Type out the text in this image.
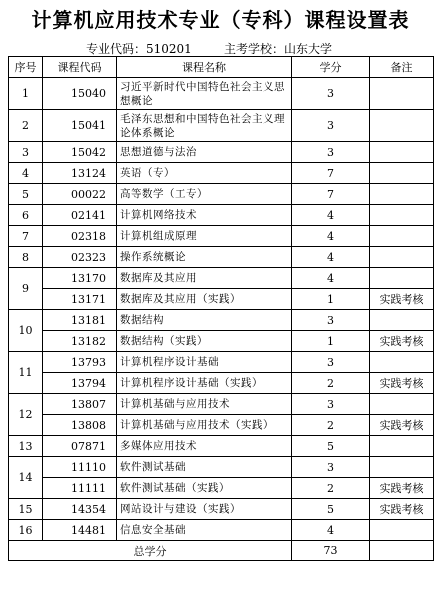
计算机应用技术专业（专科）课程设置表
专业代码：510201	主考学校：山东大学
序号	课程代码	课程名称	学分	备注
1	15040	习近平新时代中国特色社会主义思想概论	3	
2	15041	毛泽东思想和中国特色社会主义理论体系概论	3	
3	15042	思想道德与法治	3	
4	13124	英语（专）	7	
5	00022	高等数学（工专）	7	
6	02141	计算机网络技术	4	
7	02318	计算机组成原理	4	
8	02323	操作系统概论	4	
9	13170	数据库及其应用	4	
	13171	数据库及其应用（实践）	1	实践考核
10	13181	数据结构	3	
	13182	数据结构（实践）	1	实践考核
11	13793	计算机程序设计基础	3	
	13794	计算机程序设计基础（实践）	2	实践考核
12	13807	计算机基础与应用技术	3	
	13808	计算机基础与应用技术（实践）	2	实践考核
13	07871	多媒体应用技术	5	
14	11110	软件测试基础	3	
	11111	软件测试基础（实践）	2	实践考核
15	14354	网站设计与建设（实践）	5	实践考核
16	14481	信息安全基础	4	
总学分			73	
